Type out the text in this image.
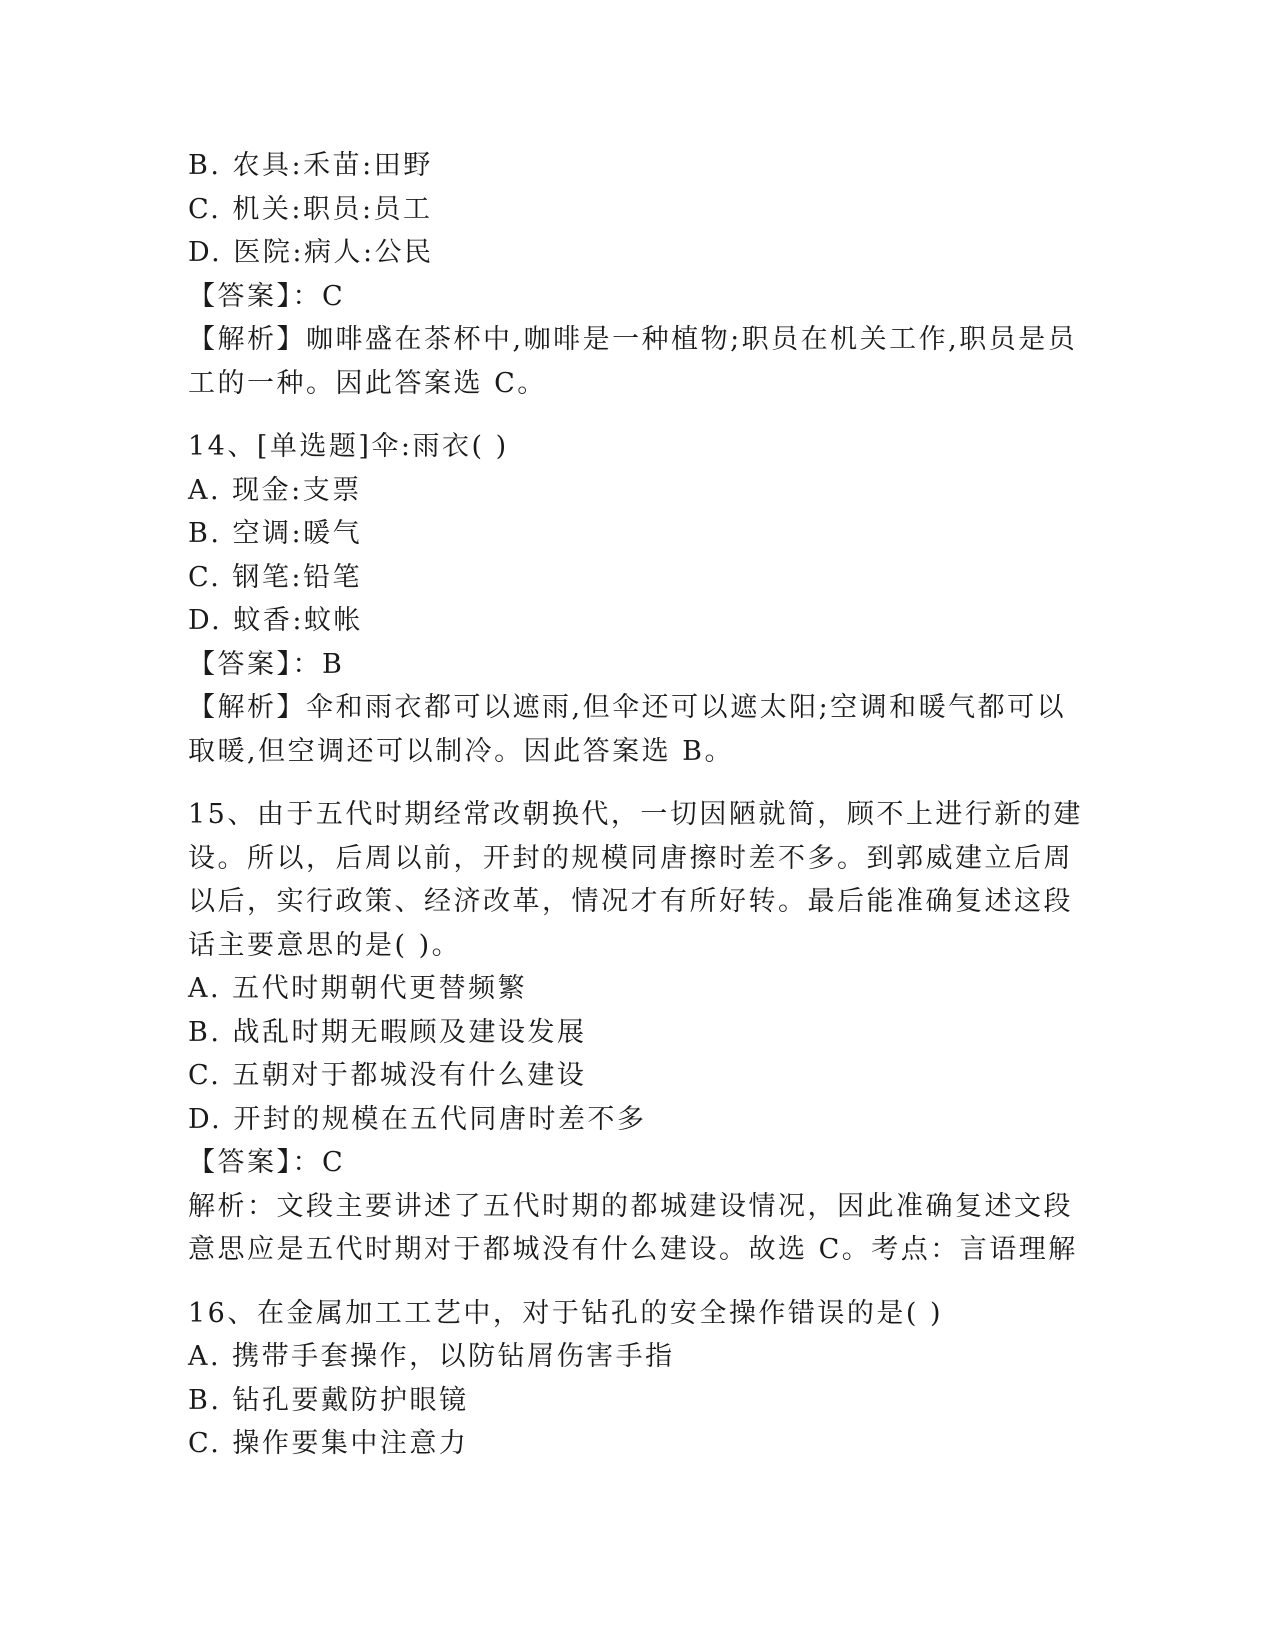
B. 农具:禾苗:田野
C. 机关:职员:员工
D. 医院:病人:公民
【答案】：C
【解析】咖啡盛在茶杯中,咖啡是一种植物;职员在机关工作,职员是员
工的一种。因此答案选 C。
14、[单选题]伞:雨衣( )
A. 现金:支票
B. 空调:暖气
C. 钢笔:铅笔
D. 蚊香:蚊帐
【答案】：B
【解析】伞和雨衣都可以遮雨,但伞还可以遮太阳;空调和暖气都可以
取暖,但空调还可以制冷。因此答案选 B。
15、由于五代时期经常改朝换代，一切因陋就简，顾不上进行新的建
设。所以，后周以前，开封的规模同唐擦时差不多。到郭威建立后周
以后，实行政策、经济改革，情况才有所好转。最后能准确复述这段
话主要意思的是( )。
A. 五代时期朝代更替频繁
B. 战乱时期无暇顾及建设发展
C. 五朝对于都城没有什么建设
D. 开封的规模在五代同唐时差不多
【答案】：C
解析：文段主要讲述了五代时期的都城建设情况，因此准确复述文段
意思应是五代时期对于都城没有什么建设。故选 C。考点：言语理解
16、在金属加工工艺中，对于钻孔的安全操作错误的是( )
A. 携带手套操作，以防钻屑伤害手指
B. 钻孔要戴防护眼镜
C. 操作要集中注意力
